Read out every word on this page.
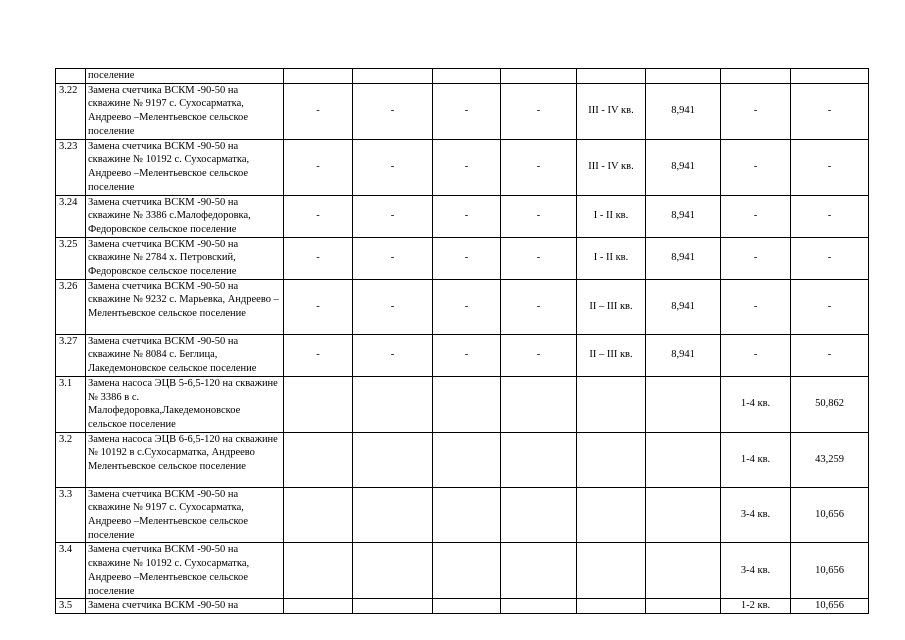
	поселение								
3.22	Замена счетчика ВСКМ -90-50 на скважине № 9197 с. Сухосарматка, Андреево –Мелентьевское сельское поселение	-	-	-	-	III - IV кв.	8,941	-	-
3.23	Замена счетчика ВСКМ -90-50 на скважине № 10192 с. Сухосарматка, Андреево –Мелентьевское сельское поселение	-	-	-	-	III - IV кв.	8,941	-	-
3.24	Замена счетчика ВСКМ -90-50 на скважине № 3386 с.Малофедоровка, Федоровское сельское поселение	-	-	-	-	I - II кв.	8,941	-	-
3.25	Замена счетчика ВСКМ -90-50 на скважине № 2784 х. Петровский, Федоровское сельское поселение	-	-	-	-	I - II кв.	8,941	-	-
3.26	Замена счетчика ВСКМ -90-50 на скважине № 9232 с. Марьевка, Андреево –Мелентьевское сельское поселение	-	-	-	-	II – III кв.	8,941	-	-
3.27	Замена счетчика ВСКМ -90-50 на скважине № 8084 с. Беглица, Лакедемоновское сельское поселение	-	-	-	-	II – III кв.	8,941	-	-
3.1	Замена насоса ЭЦВ 5-6,5-120 на скважине № 3386 в с. Малофедоровка,Лакедемоновское сельское поселение							1-4 кв.	50,862
3.2	Замена насоса ЭЦВ 6-6,5-120 на скважине № 10192 в с.Сухосарматка, Андреево Мелентьевское сельское поселение							1-4 кв.	43,259
3.3	Замена счетчика ВСКМ -90-50 на скважине № 9197 с. Сухосарматка, Андреево –Мелентьевское сельское поселение							3-4 кв.	10,656
3.4	Замена счетчика ВСКМ -90-50 на скважине № 10192 с. Сухосарматка, Андреево –Мелентьевское сельское поселение							3-4 кв.	10,656
3.5	Замена счетчика ВСКМ -90-50 на							1-2 кв.	10,656
